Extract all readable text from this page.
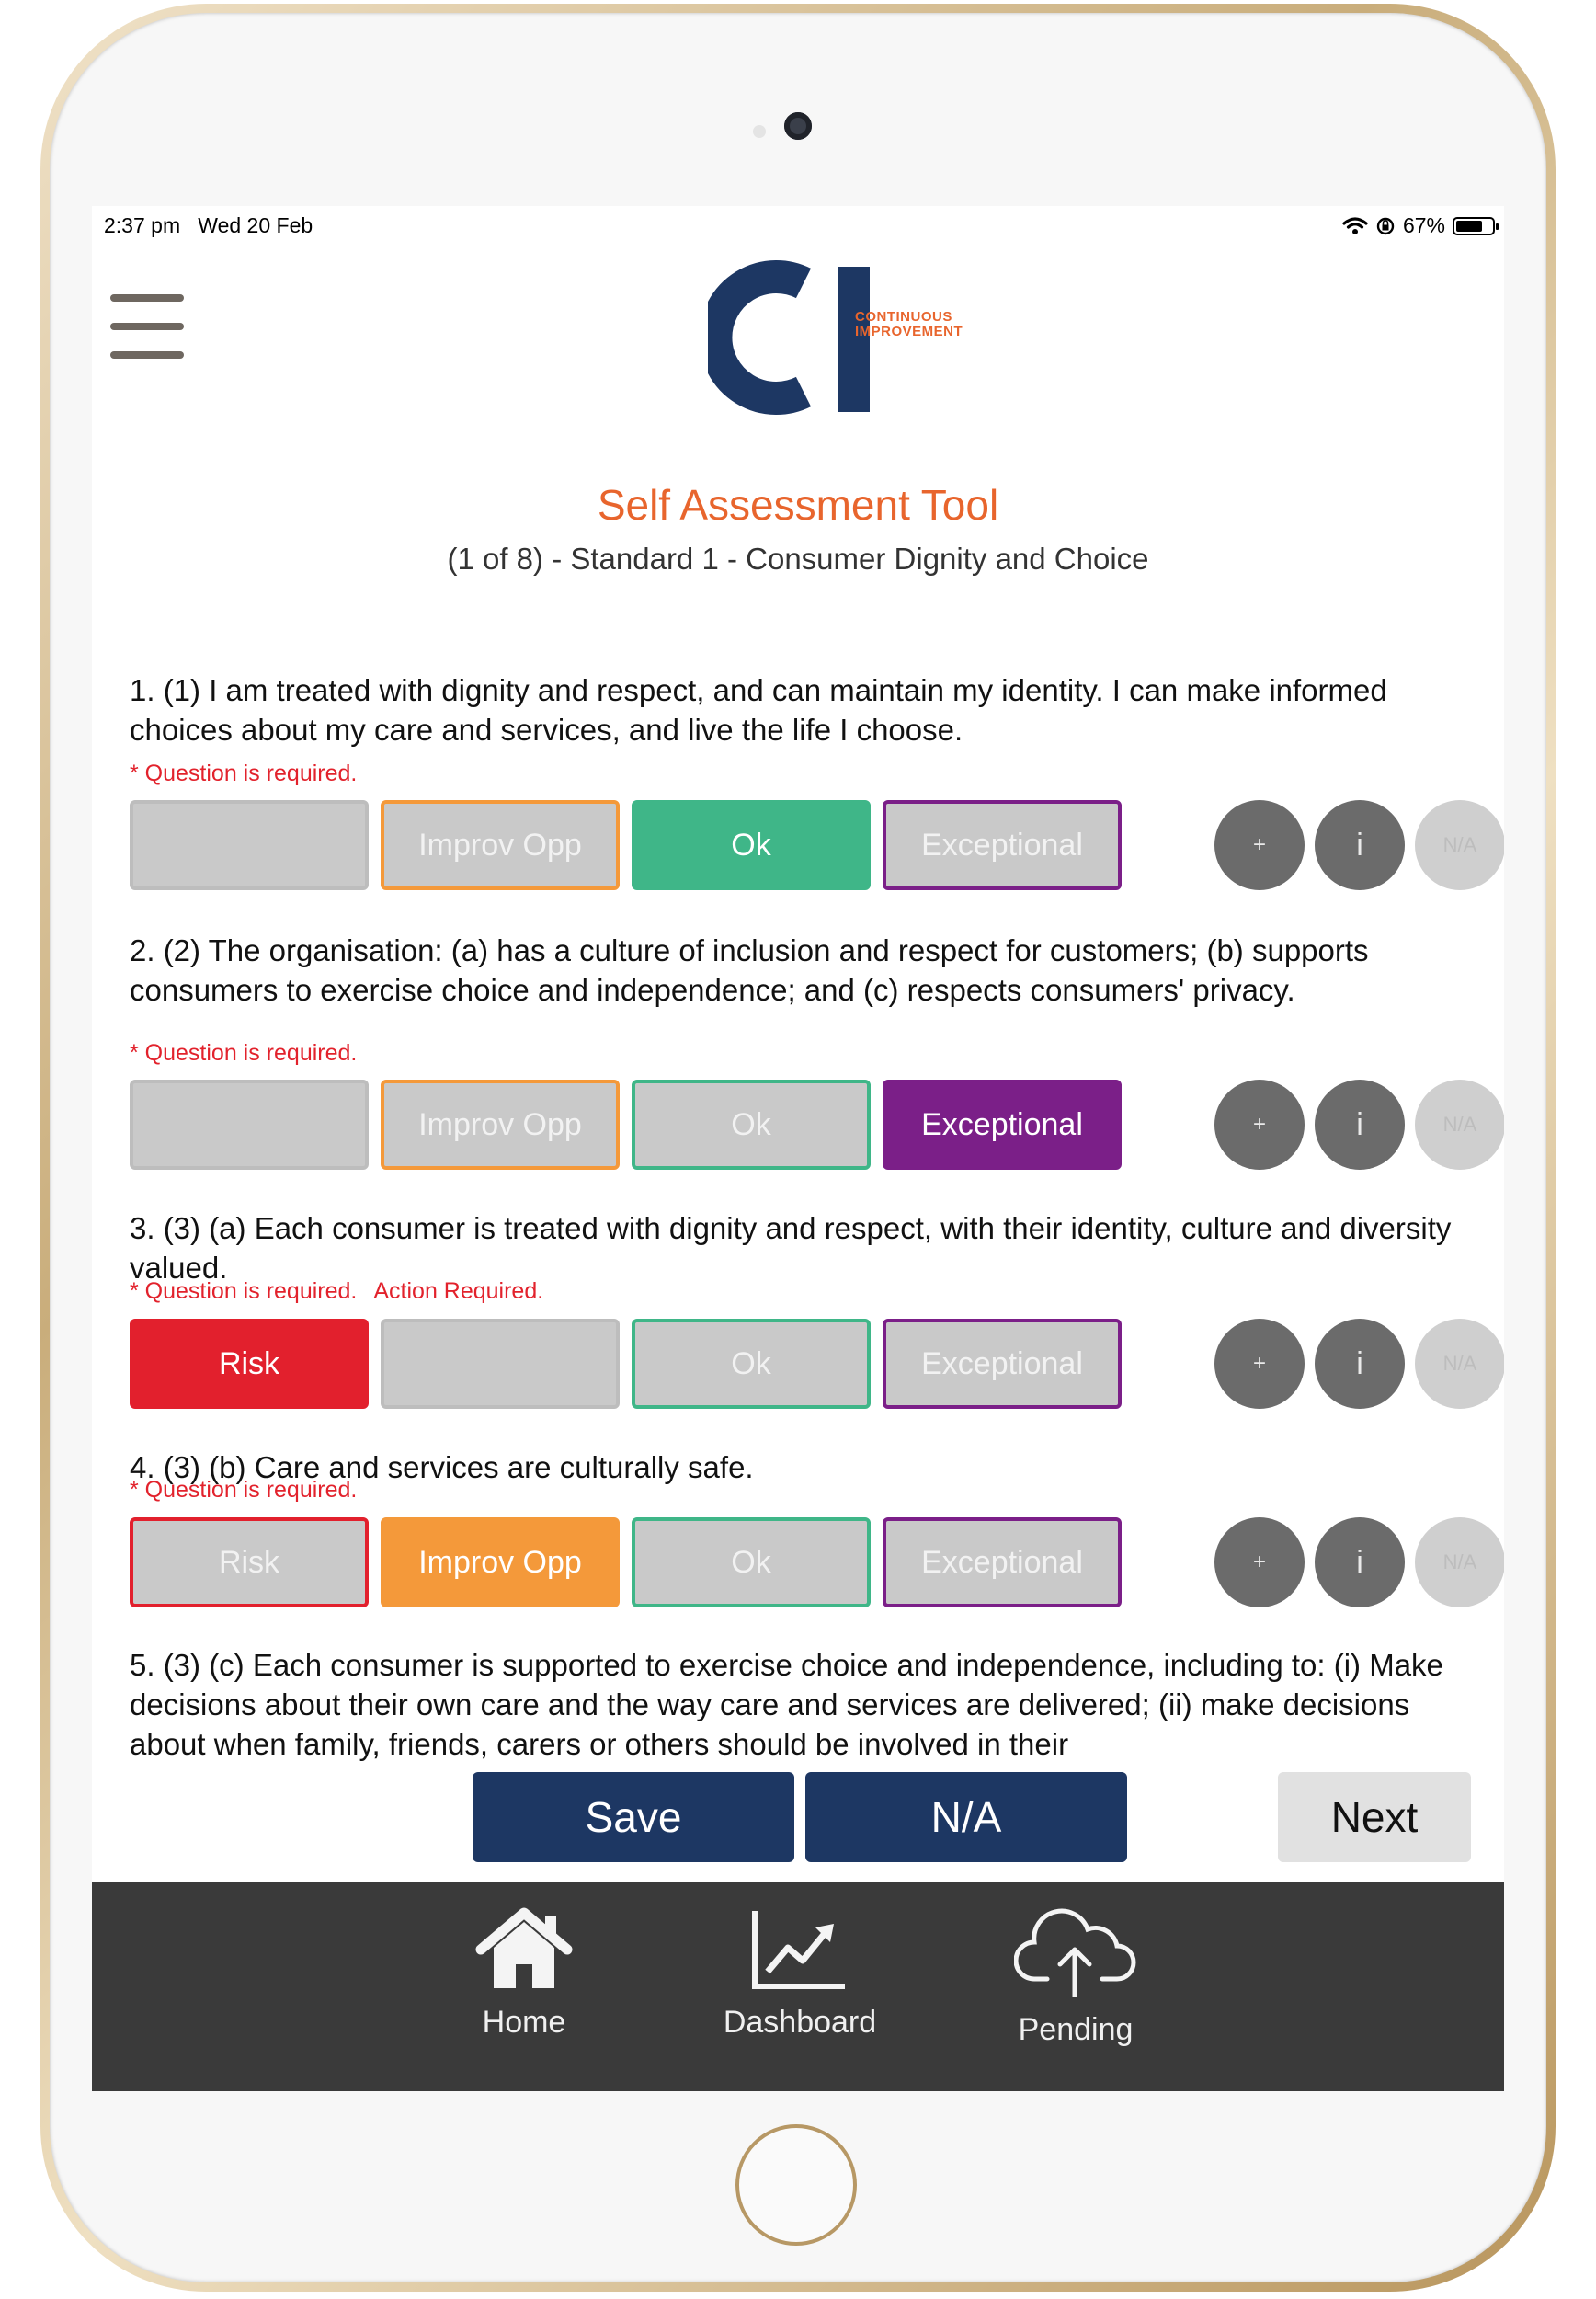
2:37 pm Wed 20 Feb	67%
CONTINUOUS
IMPROVEMENT
Self Assessment Tool
(1 of 8) - Standard 1 - Consumer Dignity and Choice
1. (1) I am treated with dignity and respect, and can maintain my identity. I can make informed choices about my care and services, and live the life I choose.
* Question is required.
Improv Opp	Ok	Exceptional	+	i	N/A
2. (2) The organisation: (a) has a culture of inclusion and respect for customers; (b) supports consumers to exercise choice and independence; and (c) respects consumers' privacy.
* Question is required.
Improv Opp	Ok	Exceptional	+	i	N/A
3. (3) (a) Each consumer is treated with dignity and respect, with their identity, culture and diversity valued.
* Question is required. Action Required.
Risk	Ok	Exceptional	+	i	N/A
4. (3) (b) Care and services are culturally safe.
* Question is required.
Risk	Improv Opp	Ok	Exceptional	+	i	N/A
5. (3) (c) Each consumer is supported to exercise choice and independence, including to: (i) Make decisions about their own care and the way care and services are delivered; (ii) make decisions about when family, friends, carers or others should be involved in their
Save	N/A	Next
Home	Dashboard	Pending
